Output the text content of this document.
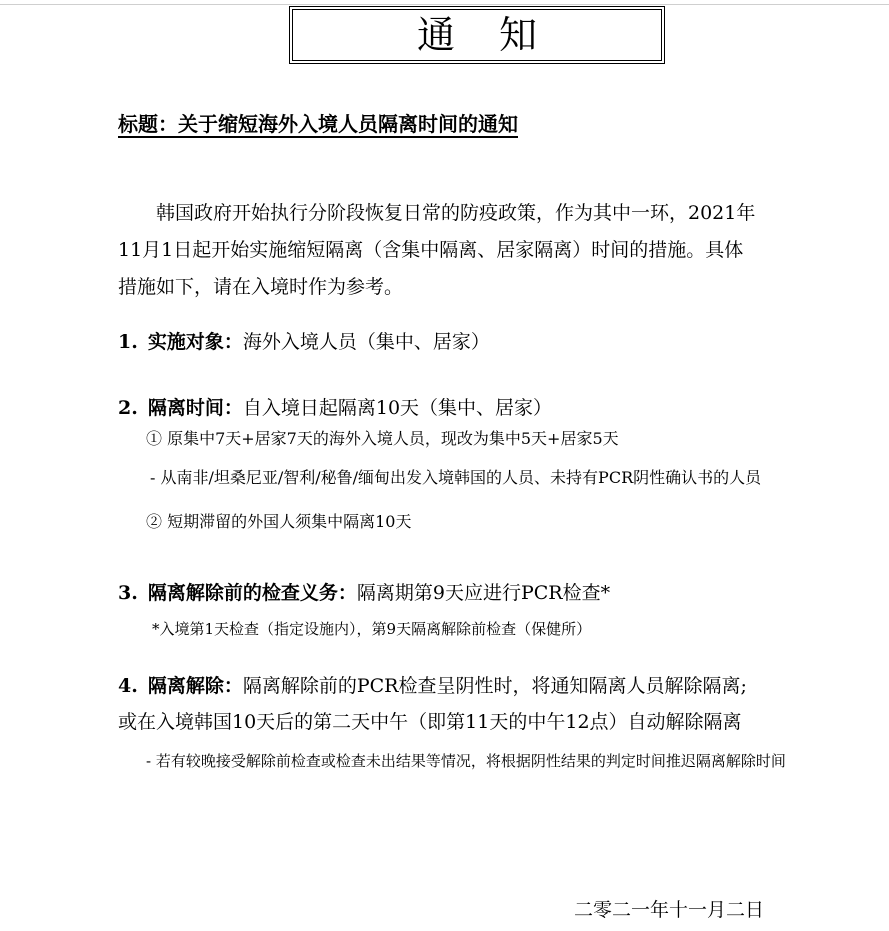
通知
标题：关于缩短海外入境人员隔离时间的通知
韩国政府开始执行分阶段恢复日常的防疫政策，作为其中一环，2021年
11月1日起开始实施缩短隔离（含集中隔离、居家隔离）时间的措施。具体
措施如下，请在入境时作为参考。
1. 实施对象：海外入境人员（集中、居家）
2. 隔离时间：自入境日起隔离10天（集中、居家）
① 原集中7天+居家7天的海外入境人员，现改为集中5天+居家5天
- 从南非/坦桑尼亚/智利/秘鲁/缅甸出发入境韩国的人员、未持有PCR阴性确认书的人员
② 短期滞留的外国人须集中隔离10天
3. 隔离解除前的检查义务：隔离期第9天应进行PCR检查*
*入境第1天检查（指定设施内），第9天隔离解除前检查（保健所）
4. 隔离解除：隔离解除前的PCR检查呈阴性时，将通知隔离人员解除隔离;
或在入境韩国10天后的第二天中午（即第11天的中午12点）自动解除隔离
- 若有较晚接受解除前检查或检查未出结果等情况，将根据阴性结果的判定时间推迟隔离解除时间
二零二一年十一月二日
